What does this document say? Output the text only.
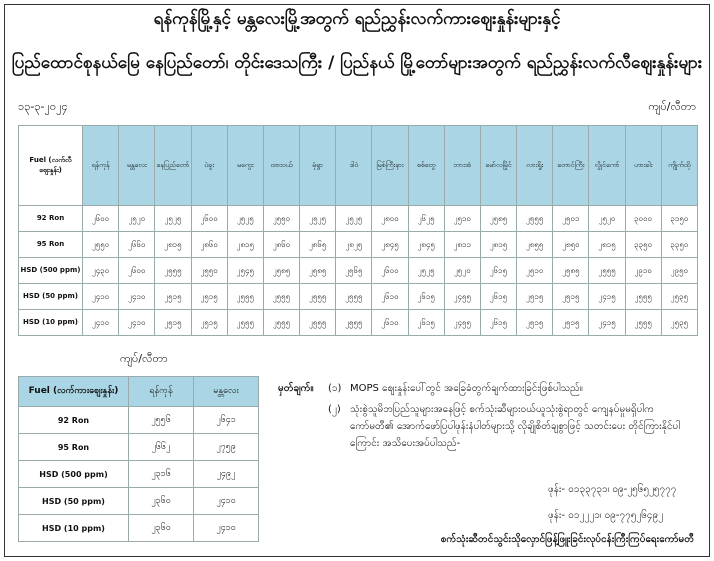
ရန်ကုန်မြို့နှင့် မန္တလေးမြို့အတွက် ရည်ညွှန်းလက်ကားဈေးနှုန်းများနှင့်
ပြည်ထောင်စုနယ်မြေ နေပြည်တော်၊ တိုင်းဒေသကြီး / ပြည်နယ် မြို့တော်များအတွက် ရည်ညွှန်းလက်လီဈေးနှုန်းများ
၁၃-၃-၂၀၂၄	ကျပ်/လီတာ
Fuel (လက်လီဈေးနှုန်း)	ရန်ကုန်	မန္တလေး	နေပြည်တော်	ပဲခူး	မကွေး	ထားဝယ်	မုံရွာ	ဒါဝဲ	မြစ်ကြီးနား	စစ်တွေ	ဘားအံ	မော်လမြိုင်	လားရှိုး	တောင်ကြီး	လွိုင်ကော်	ဟားခါး	ကျိုက်ထို
92 Ron	၂၆၀၀	၂၅၂၀	၂၅၂၅	၂၆၀၀	၂၅၂၅	၂၅၅၀	၂၅၂၅	၂၅၂၅	၂၈၀၀	၂၆၂၅	၂၅၁၀	၂၅၈၅	၂၅၅၅	၂၅၀၁	၂၅၂၀	၃၀၀၀	၃၁၅၀
95 Ron	၂၅၅၀	၂၆၆၀	၂၈၁၅	၂၈၆၀	၂၈၁၅	၂၈၆၀	၂၈၆၅	၂၈၂၅	၂၈၄၅	၂၈၄၅	၂၈၁၁	၂၈၁၅	၂၈၅၅	၂၈၅၀	၂၈၁၅	၃၃၅၀	၃၃၅၀
HSD (500 ppm)	၂၄၃၀	၂၆၀၀	၂၅၅၅	၂၅၅၀	၂၅၄၅	၂၅၈၅	၂၅၈၅	၂၅၆၅	၂၆၀၀	၂၅၂၅	၂၅၂၀	၂၆၁၅	၂၅၁၀	၂၅၈၅	၂၅၅၅	၂၉၁၀	၂၉၅၀
HSD (50 ppm)	၂၄၁၀	၂၄၁၀	၂၅၁၅	၂၅၁၅	၂၅၅၅	၂၅၅၅	၂၅၅၅	၂၅၅၅	၂၆၁၀	၂၆၁၅	၂၄၅၅	၂၆၁၅	၂၅၁၅	၂၅၁၅	၂၄၁၅	၂၅၅၅	၂၅၃၅
HSD (10 ppm)	၂၄၁၀	၂၄၁၀	၂၅၁၅	၂၅၁၅	၂၅၅၅	၂၅၅၅	၂၅၅၅	၂၅၅၅	၂၆၁၀	၂၆၁၅	၂၄၅၅	၂၆၁၅	၂၅၁၅	၂၅၁၅	၂၄၁၅	၂၅၅၅	၂၅၃၅
ကျပ်/လီတာ
Fuel (လက်ကားဈေးနှုန်း)	ရန်ကုန်	မန္တလေး
92 Ron	၂၅၅၆	၂၆၄၁
95 Ron	၂၆၆၂	၂၇၅၉
HSD (500 ppm)	၂၃၁၆	၂၄၉၂
HSD (50 ppm)	၂၃၆၀	၂၄၁၀
HSD (10 ppm)	၂၃၆၀	၂၄၁၀
မှတ်ချက်။	(၁) MOPS ဈေးနှုန်းပေါ်တွင် အခြေခံတွက်ချက်ထားခြင်းဖြစ်ပါသည်။
(၂) သုံးစွဲသူမိဘပြည်သူများအနေဖြင့် စက်သုံးဆီများဝယ်ယူသုံးစွဲရာတွင် ကျေနပ်မှုမရှိပါက ကော်မတီ၏ အောက်ဖော်ပြပါဖုန်းနံပါတ်များသို့ လိုချိုစိတ်ချစွာဖြင့် သတင်းပေး တိုင်ကြားနိုင်ပါကြောင်း အသိပေးအပ်ပါသည်-
ဖုန်း- ၀၁၃၃၇၃၁၊ ၀၉-၂၅၆၅၂၅၇၇၇
ဖုန်း- ၀၁၂၂၂၁၊ ၀၉-၇၇၅၂၆၄၉၂
စက်သုံးဆီတင်သွင်းသိုလှောင်ဖြန့်ဖြူးခြင်းလုပ်ငန်းကြီးကြပ်ရေးကော်မတီ
